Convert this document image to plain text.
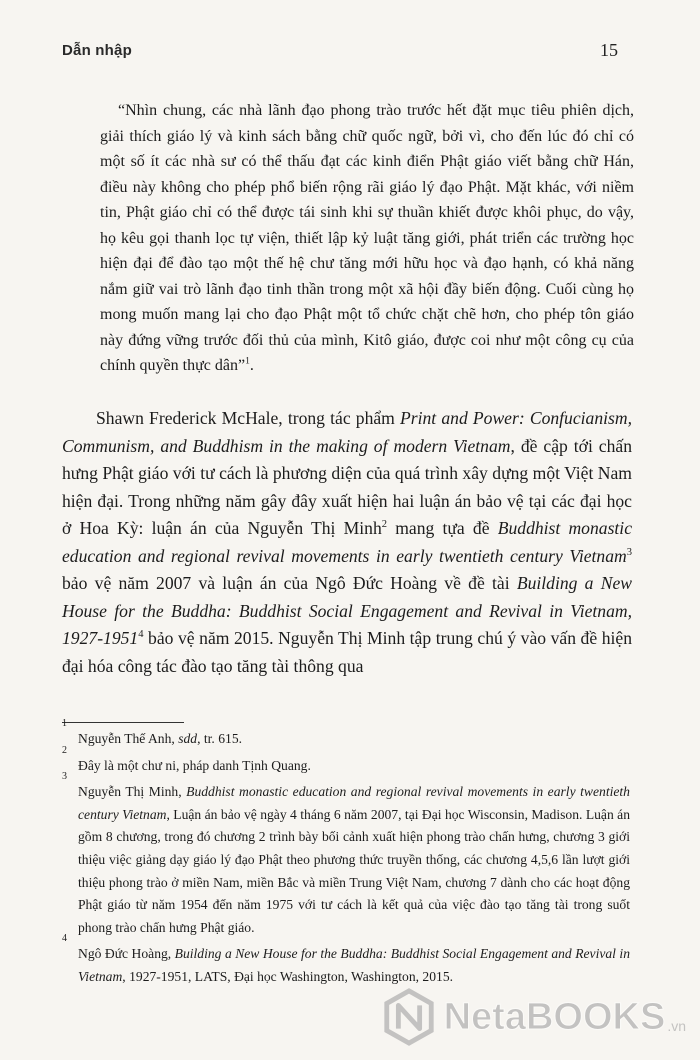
Dẫn nhập	15

“Nhìn chung, các nhà lãnh đạo phong trào trước hết đặt mục tiêu phiên dịch, giải thích giáo lý và kinh sách bằng chữ quốc ngữ, bởi vì, cho đến lúc đó chỉ có một số ít các nhà sư có thể thấu đạt các kinh điển Phật giáo viết bằng chữ Hán, điều này không cho phép phổ biến rộng rãi giáo lý đạo Phật. Mặt khác, với niềm tin, Phật giáo chỉ có thể được tái sinh khi sự thuần khiết được khôi phục, do vậy, họ kêu gọi thanh lọc tự viện, thiết lập kỷ luật tăng giới, phát triển các trường học hiện đại để đào tạo một thế hệ chư tăng mới hữu học và đạo hạnh, có khả năng nắm giữ vai trò lãnh đạo tinh thần trong một xã hội đầy biến động. Cuối cùng họ mong muốn mang lại cho đạo Phật một tổ chức chặt chẽ hơn, cho phép tôn giáo này đứng vững trước đối thủ của mình, Kitô giáo, được coi như một công cụ của chính quyền thực dân”$^1$.

Shawn Frederick McHale, trong tác phẩm Print and Power: Confucianism, Communism, and Buddhism in the making of modern Vietnam, đề cập tới chấn hưng Phật giáo với tư cách là phương diện của quá trình xây dựng một Việt Nam hiện đại. Trong những năm gây đây xuất hiện hai luận án bảo vệ tại các đại học ở Hoa Kỳ: luận án của Nguyễn Thị Minh$^2$ mang tựa đề Buddhist monastic education and regional revival movements in early twentieth century Vietnam$^3$ bảo vệ năm 2007 và luận án của Ngô Đức Hoàng về đề tài Building a New House for the Buddha: Buddhist Social Engagement and Revival in Vietnam, 1927-1951$^4$ bảo vệ năm 2015. Nguyễn Thị Minh tập trung chú ý vào vấn đề hiện đại hóa công tác đào tạo tăng tài thông qua

1
Nguyễn Thế Anh, sdd, tr. 615.

2
Đây là một chư ni, pháp danh Tịnh Quang.

3
Nguyễn Thị Minh, Buddhist monastic education and regional revival movements in early twentieth century Vietnam, Luận án bảo vệ ngày 4 tháng 6 năm 2007, tại Đại học Wisconsin, Madison. Luận án gồm 8 chương, trong đó chương 2 trình bày bối cảnh xuất hiện phong trào chấn hưng, chương 3 giới thiệu việc giảng dạy giáo lý đạo Phật theo phương thức truyền thống, các chương 4,5,6 lần lượt giới thiệu phong trào ở miền Nam, miền Bắc và miền Trung Việt Nam, chương 7 dành cho các hoạt động Phật giáo từ năm 1954 đến năm 1975 với tư cách là kết quả của việc đào tạo tăng tài trong suốt phong trào chấn hưng Phật giáo.

4
Ngô Đức Hoàng, Building a New House for the Buddha: Buddhist Social Engagement and Revival in Vietnam, 1927-1951, LATS, Đại học Washington, Washington, 2015.

NetaBOOKS .vn
